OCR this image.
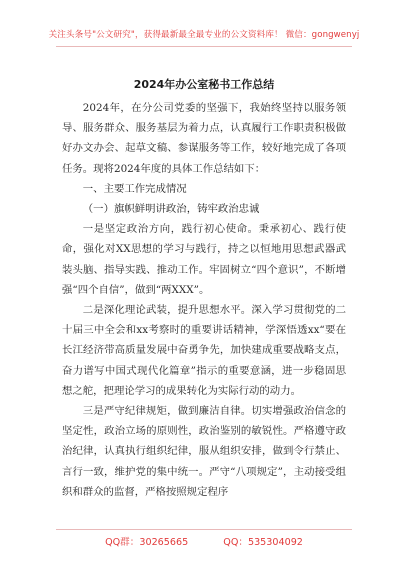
关注头条号"公文研究"，获得最新最全最专业的公文资料库！ 微信：gongwenyj
2024年办公室秘书工作总结

2024年，在分公司党委的坚强下，我始终坚持以服务领导、服务群众、服务基层为着力点，认真履行工作职责积极做好办文办会、起草文稿、参谋服务等工作，较好地完成了各项任务。现将2024年度的具体工作总结如下：

一、主要工作完成情况

（一）旗帜鲜明讲政治，铸牢政治忠诚

一是坚定政治方向，践行初心使命。秉承初心、践行使命，强化对XX思想的学习与践行，持之以恒地用思想武器武装头脑、指导实践、推动工作。牢固树立“四个意识”，不断增强“四个自信”，做到“两XXX”。

二是深化理论武装，提升思想水平。深入学习贯彻党的二十届三中全会和xx考察时的重要讲话精神，学深悟透xx“要在长江经济带高质量发展中奋勇争先，加快建成重要战略支点，奋力谱写中国式现代化篇章”指示的重要意涵，进一步稳固思想之舵，把理论学习的成果转化为实际行动的动力。

三是严守纪律规矩，做到廉洁自律。切实增强政治信念的坚定性，政治立场的原则性，政治鉴别的敏锐性。严格遵守政治纪律，认真执行组织纪律，服从组织安排，做到令行禁止、言行一致，维护党的集中统一。严守“八项规定”，主动接受组织和群众的监督，严格按照规定程序

QQ群：30265665	QQ：535304092
